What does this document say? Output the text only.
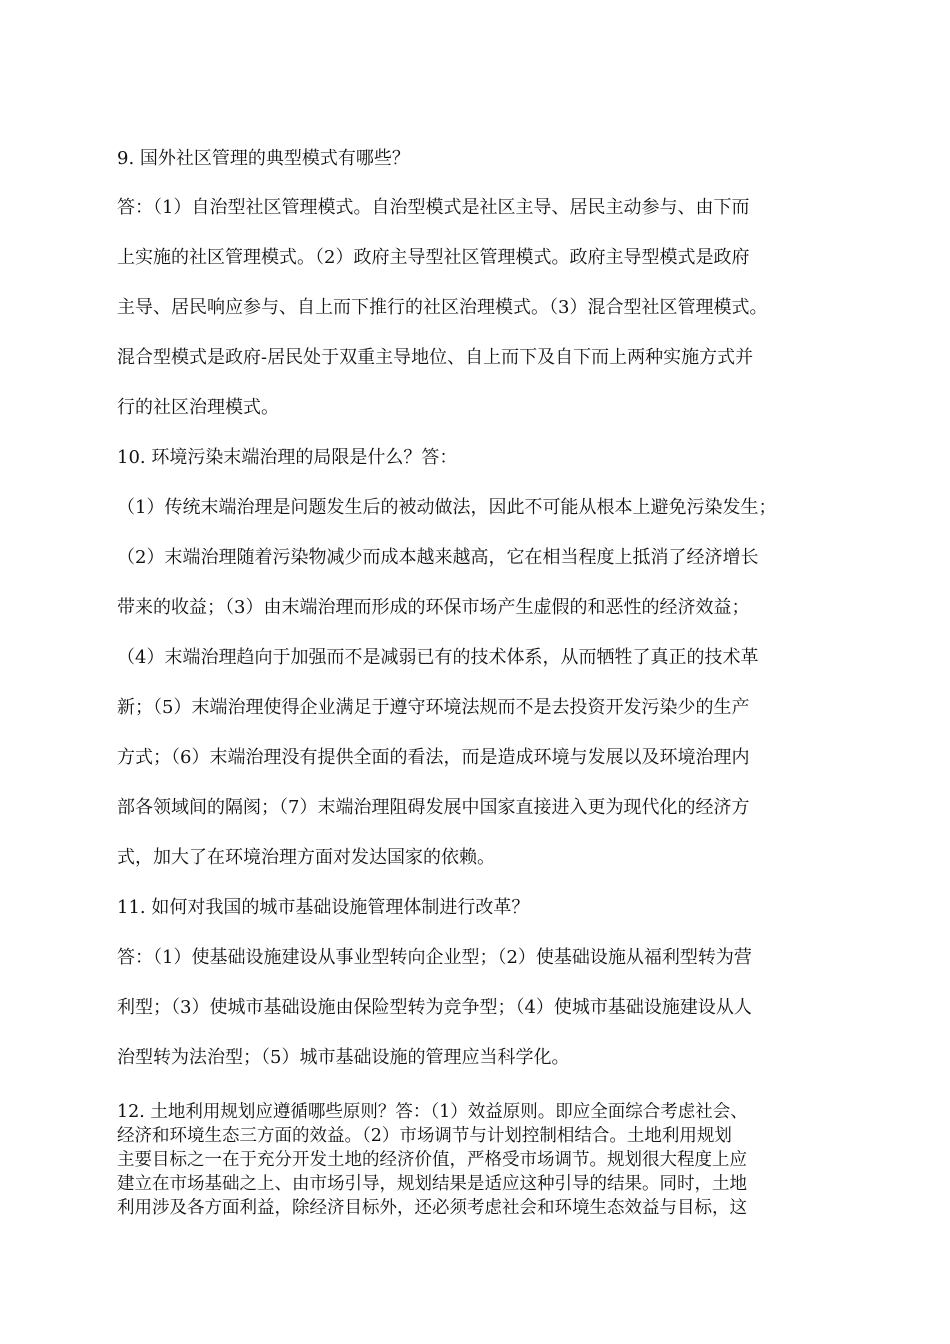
9. 国外社区管理的典型模式有哪些？
答：（1）自治型社区管理模式。自治型模式是社区主导、居民主动参与、由下而
上实施的社区管理模式。（2）政府主导型社区管理模式。政府主导型模式是政府
主导、居民响应参与、自上而下推行的社区治理模式。（3）混合型社区管理模式。
混合型模式是政府-居民处于双重主导地位、自上而下及自下而上两种实施方式并
行的社区治理模式。
10. 环境污染末端治理的局限是什么？答：
（1）传统末端治理是问题发生后的被动做法，因此不可能从根本上避免污染发生；
（2）末端治理随着污染物减少而成本越来越高，它在相当程度上抵消了经济增长
带来的收益；（3）由末端治理而形成的环保市场产生虚假的和恶性的经济效益；
（4）末端治理趋向于加强而不是减弱已有的技术体系，从而牺牲了真正的技术革
新；（5）末端治理使得企业满足于遵守环境法规而不是去投资开发污染少的生产
方式；（6）末端治理没有提供全面的看法，而是造成环境与发展以及环境治理内
部各领域间的隔阂；（7）末端治理阻碍发展中国家直接进入更为现代化的经济方
式，加大了在环境治理方面对发达国家的依赖。
11. 如何对我国的城市基础设施管理体制进行改革？
答：（1）使基础设施建设从事业型转向企业型；（2）使基础设施从福利型转为营
利型；（3）使城市基础设施由保险型转为竞争型；（4）使城市基础设施建设从人
治型转为法治型；（5）城市基础设施的管理应当科学化。
12. 土地利用规划应遵循哪些原则？答：（1）效益原则。即应全面综合考虑社会、
经济和环境生态三方面的效益。（2）市场调节与计划控制相结合。土地利用规划
主要目标之一在于充分开发土地的经济价值，严格受市场调节。规划很大程度上应
建立在市场基础之上、由市场引导，规划结果是适应这种引导的结果。同时，土地
利用涉及各方面利益，除经济目标外，还必须考虑社会和环境生态效益与目标，这
